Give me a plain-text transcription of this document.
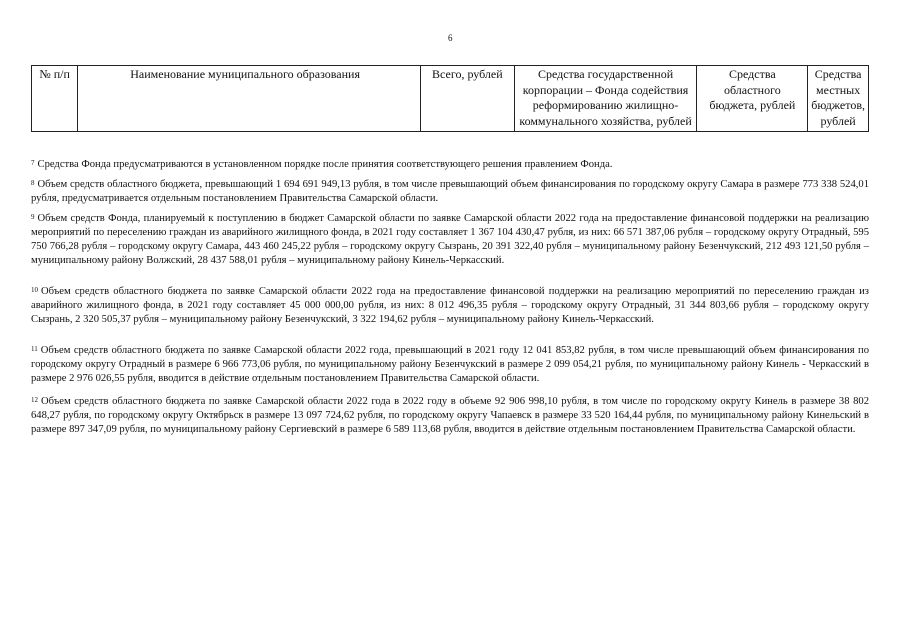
6
№ п/п	Наименование муниципального образования	Всего, рублей	Средства государственной корпорации – Фонда содействия реформированию жилищно-коммунального хозяйства, рублей	Средства областного бюджета, рублей	Средства местных бюджетов, рублей
$^7$ Средства Фонда предусматриваются в установленном порядке после принятия соответствующего решения правлением Фонда.
$^8$ Объем средств областного бюджета, превышающий 1 694 691 949,13 рубля, в том числе превышающий объем финансирования по городскому округу Самара в размере 773 338 524,01 рубля, предусматривается отдельным постановлением Правительства Самарской области.
$^9$ Объем средств Фонда, планируемый к поступлению в бюджет Самарской области по заявке Самарской области 2022 года на предоставление финансовой поддержки на реализацию мероприятий по переселению граждан из аварийного жилищного фонда, в 2021 году составляет 1 367 104 430,47 рубля, из них: 66 571 387,06 рубля – городскому округу Отрадный, 595 750 766,28 рубля – городскому округу Самара, 443 460 245,22 рубля – городскому округу Сызрань, 20 391 322,40 рубля – муниципальному району Безенчукский, 212 493 121,50 рубля – муниципальному району Волжский, 28 437 588,01 рубля – муниципальному району Кинель-Черкасский.
$^{10}$ Объем средств областного бюджета по заявке Самарской области 2022 года на предоставление финансовой поддержки на реализацию мероприятий по переселению граждан из аварийного жилищного фонда, в 2021 году составляет 45 000 000,00 рубля, из них: 8 012 496,35 рубля – городскому округу Отрадный, 31 344 803,66 рубля – городскому округу Сызрань, 2 320 505,37 рубля – муниципальному району Безенчукский, 3 322 194,62 рубля – муниципальному району Кинель-Черкасский.
$^{11}$ Объем средств областного бюджета по заявке Самарской области 2022 года, превышающий в 2021 году 12 041 853,82 рубля, в том числе превышающий объем финансирования по городскому округу Отрадный в размере 6 966 773,06 рубля, по муниципальному району Безенчукский в размере 2 099 054,21 рубля, по муниципальному району Кинель - Черкасский в размере 2 976 026,55 рубля, вводится в действие отдельным постановлением Правительства Самарской области.
$^{12}$ Объем средств областного бюджета по заявке Самарской области 2022 года в 2022 году в объеме 92 906 998,10 рубля, в том числе по городскому округу Кинель в размере 38 802 648,27 рубля, по городскому округу Октябрьск в размере 13 097 724,62 рубля, по городскому округу Чапаевск в размере 33 520 164,44 рубля, по муниципальному району Кинельский в размере 897 347,09 рубля, по муниципальному району Сергиевский в размере 6 589 113,68 рубля, вводится в действие отдельным постановлением Правительства Самарской области.
